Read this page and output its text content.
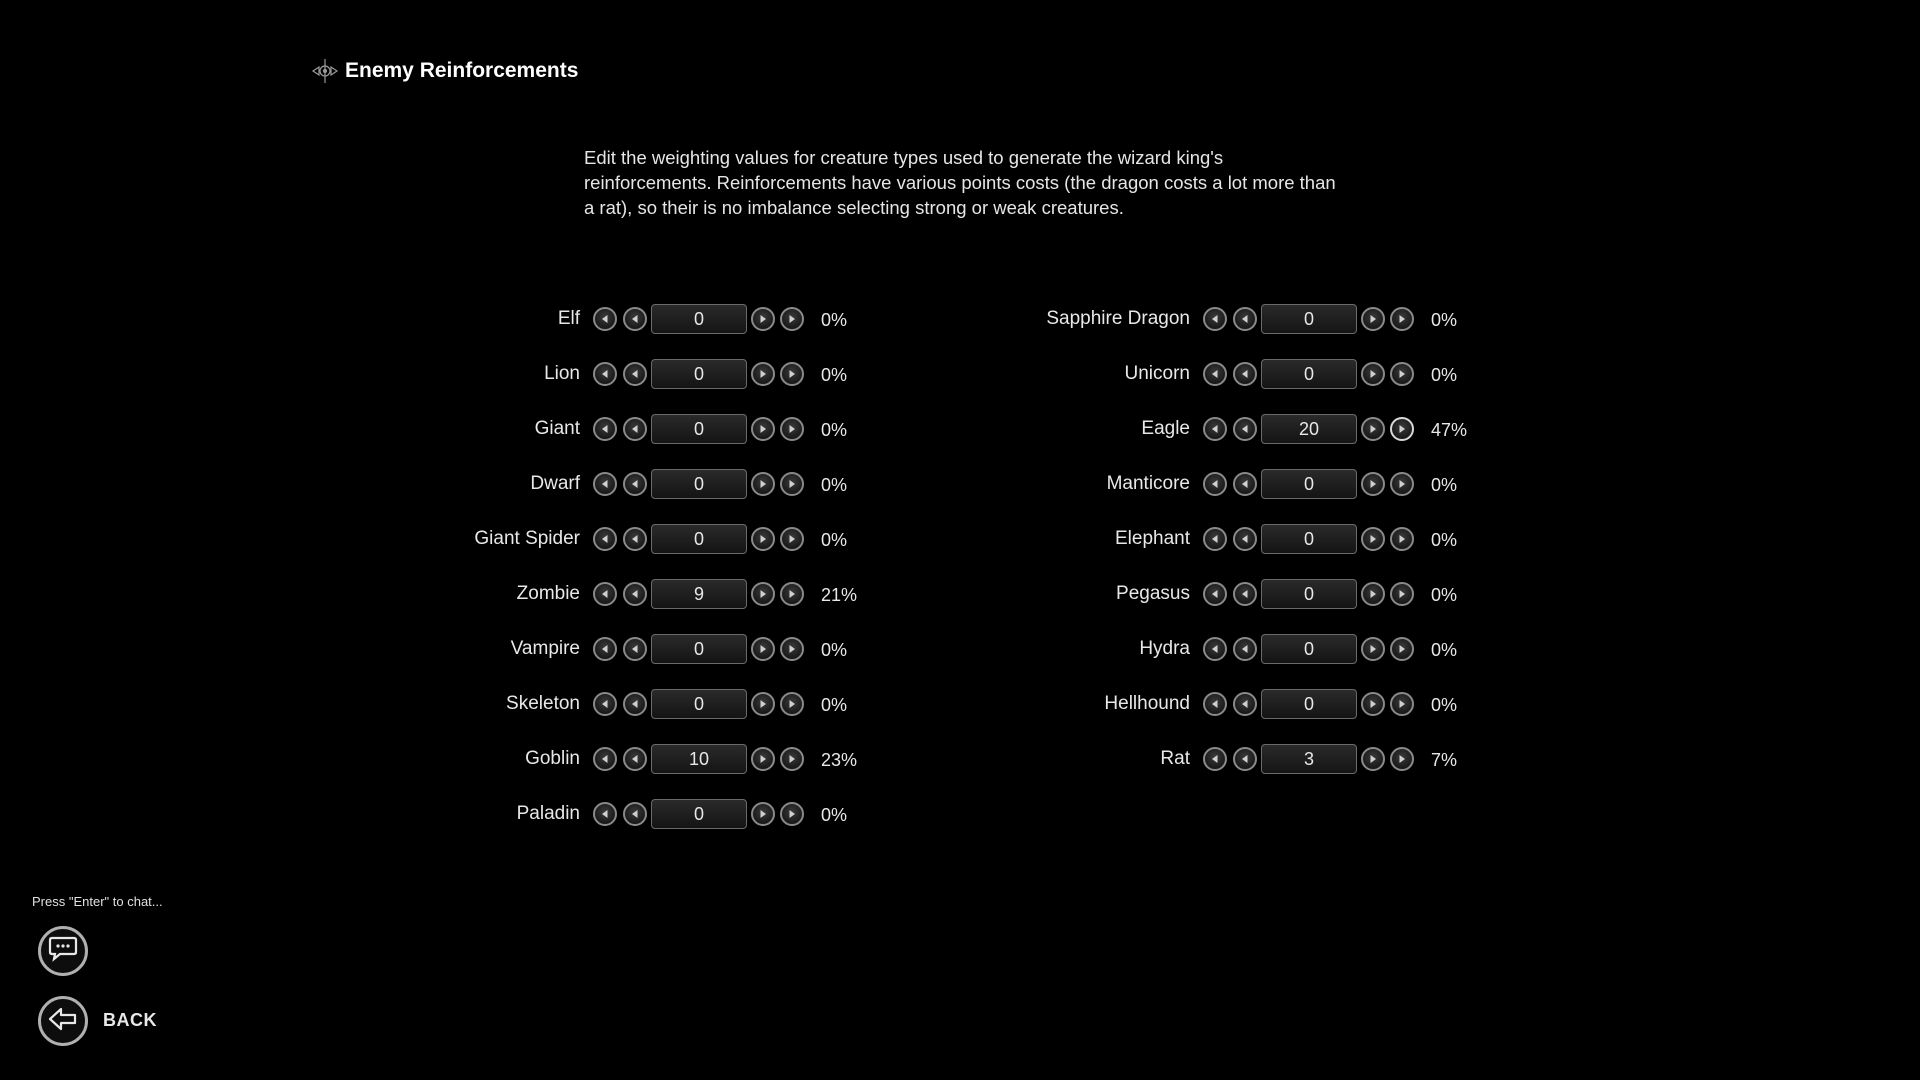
Enemy Reinforcements
Edit the weighting values for creature types used to generate the wizard king's reinforcements. Reinforcements have various points costs (the dragon costs a lot more than a rat), so their is no imbalance selecting strong or weak creatures.
Elf	0	0%
Lion	0	0%
Giant	0	0%
Dwarf	0	0%
Giant Spider	0	0%
Zombie	9	21%
Vampire	0	0%
Skeleton	0	0%
Goblin	10	23%
Paladin	0	0%
Sapphire Dragon	0	0%
Unicorn	0	0%
Eagle	20	47%
Manticore	0	0%
Elephant	0	0%
Pegasus	0	0%
Hydra	0	0%
Hellhound	0	0%
Rat	3	7%
Press "Enter" to chat...
BACK
